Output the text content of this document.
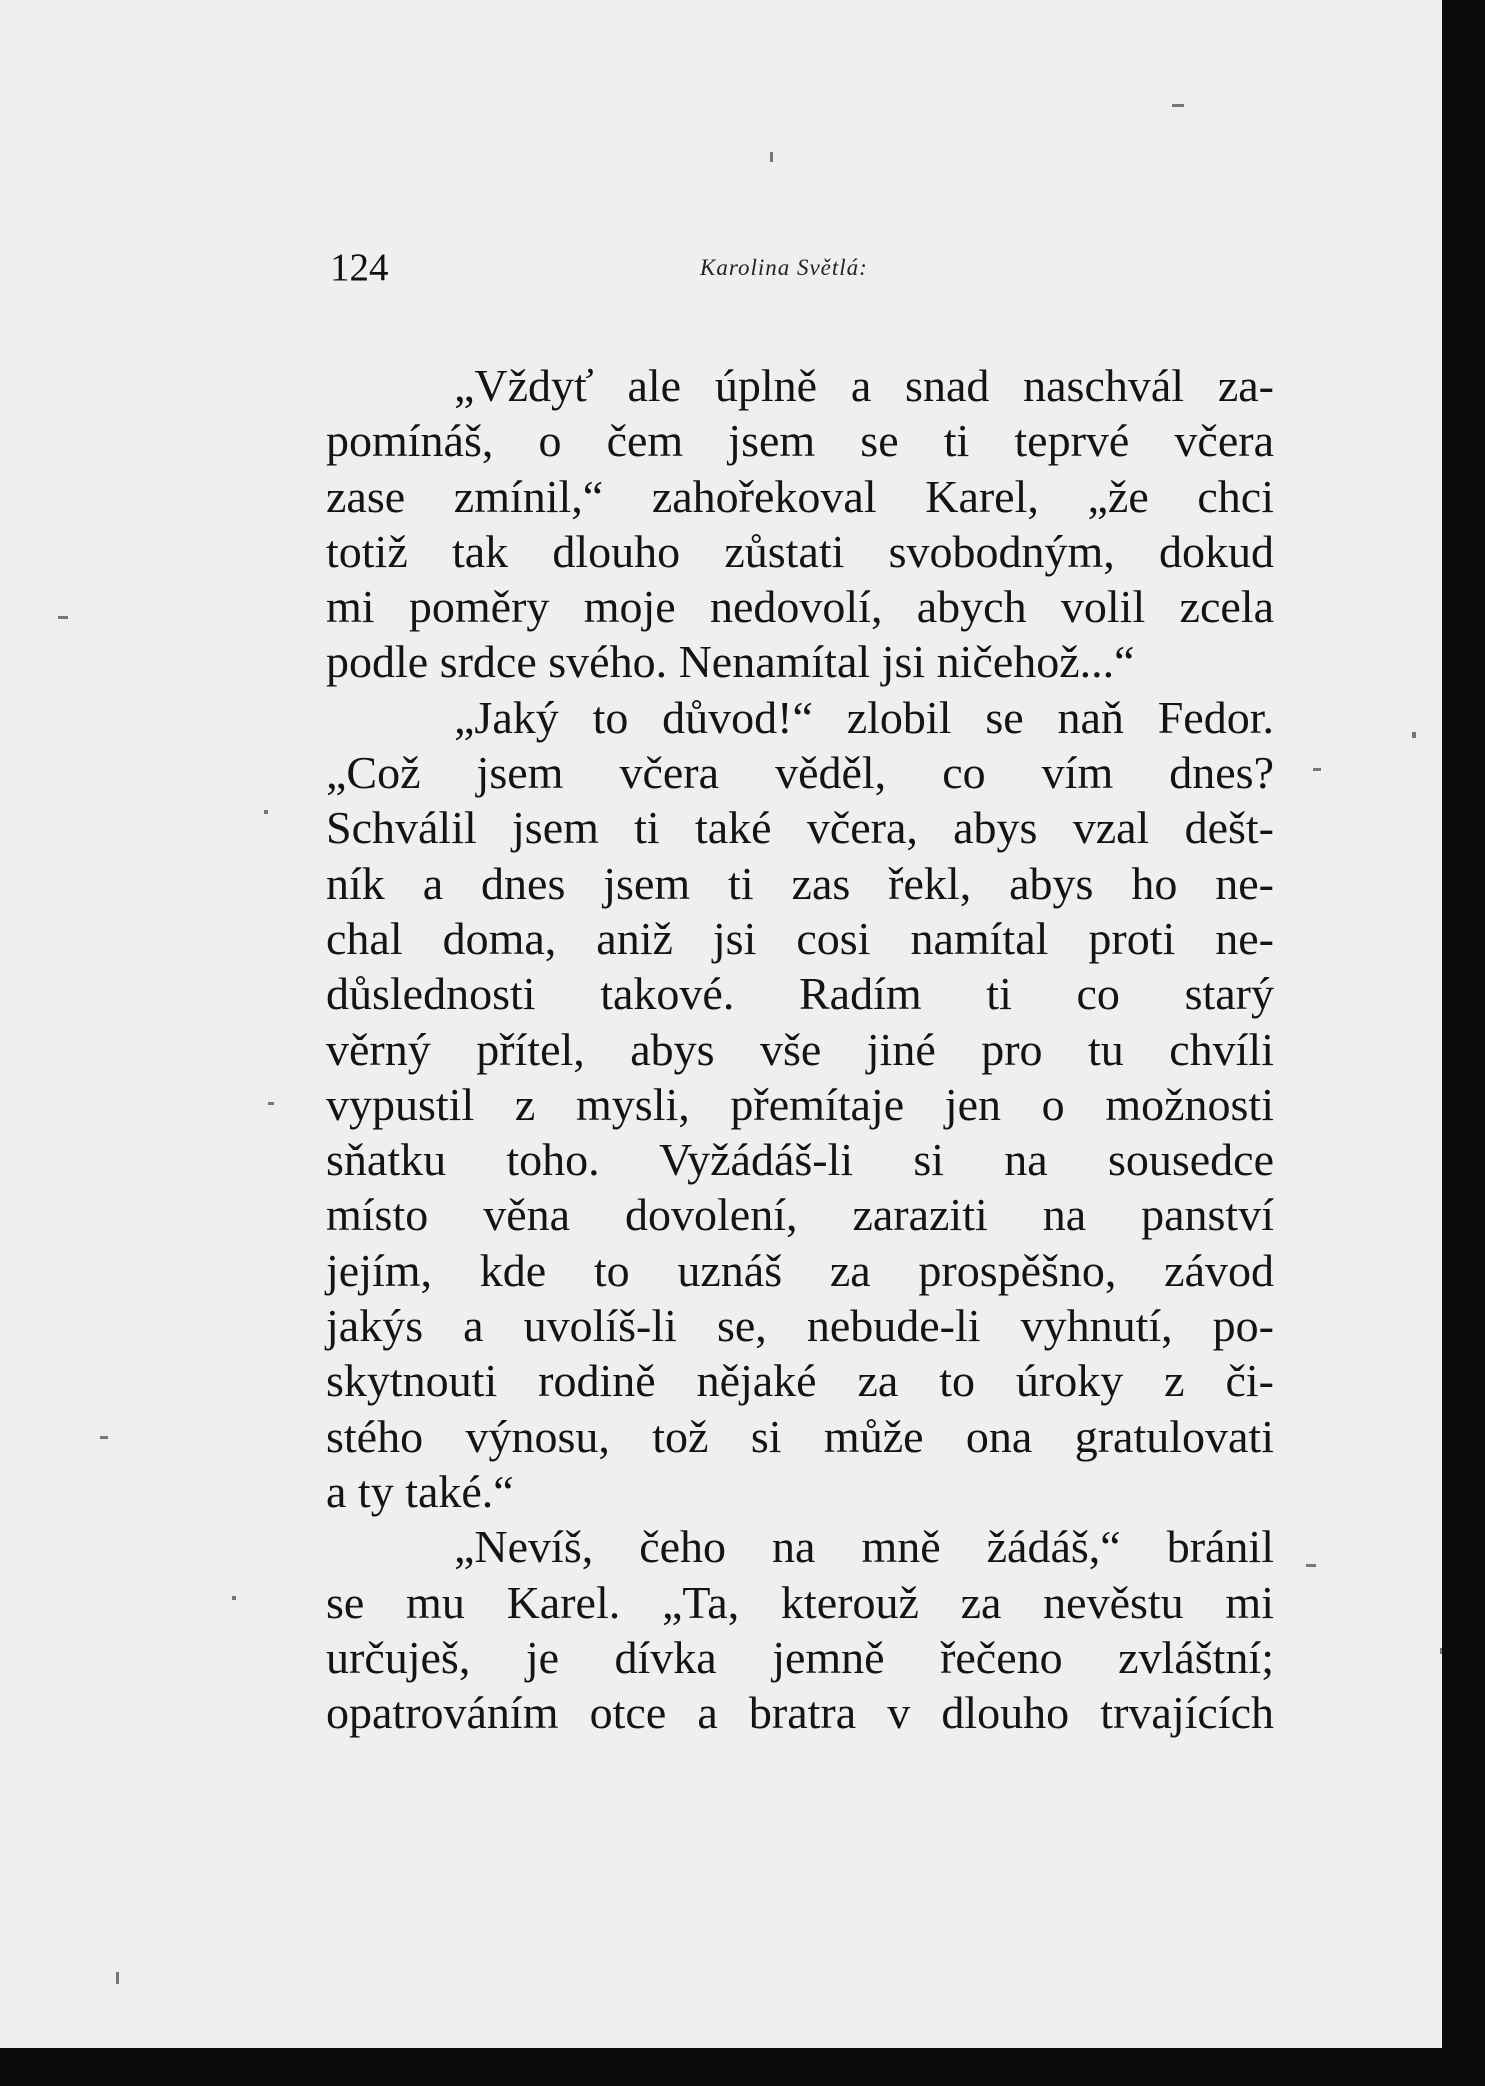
124	Karolina Světlá:
„Vždyť ale úplně a snad naschvál za-
pomínáš, o čem jsem se ti teprvé včera
zase zmínil,“ zahořekoval Karel, „že chci
totiž tak dlouho zůstati svobodným, dokud
mi poměry moje nedovolí, abych volil zcela
podle srdce svého. Nenamítal jsi ničehož...“
„Jaký to důvod!“ zlobil se naň Fedor.
„Což jsem včera věděl, co vím dnes?
Schválil jsem ti také včera, abys vzal dešt-
ník a dnes jsem ti zas řekl, abys ho ne-
chal doma, aniž jsi cosi namítal proti ne-
důslednosti takové. Radím ti co starý
věrný přítel, abys vše jiné pro tu chvíli
vypustil z mysli, přemítaje jen o možnosti
sňatku toho. Vyžádáš-li si na sousedce
místo věna dovolení, zaraziti na panství
jejím, kde to uznáš za prospěšno, závod
jakýs a uvolíš-li se, nebude-li vyhnutí, po-
skytnouti rodině nějaké za to úroky z či-
stého výnosu, tož si může ona gratulovati
a ty také.“
„Nevíš, čeho na mně žádáš,“ bránil
se mu Karel. „Ta, kterouž za nevěstu mi
určuješ, je dívka jemně řečeno zvláštní;
opatrováním otce a bratra v dlouho trvajících
